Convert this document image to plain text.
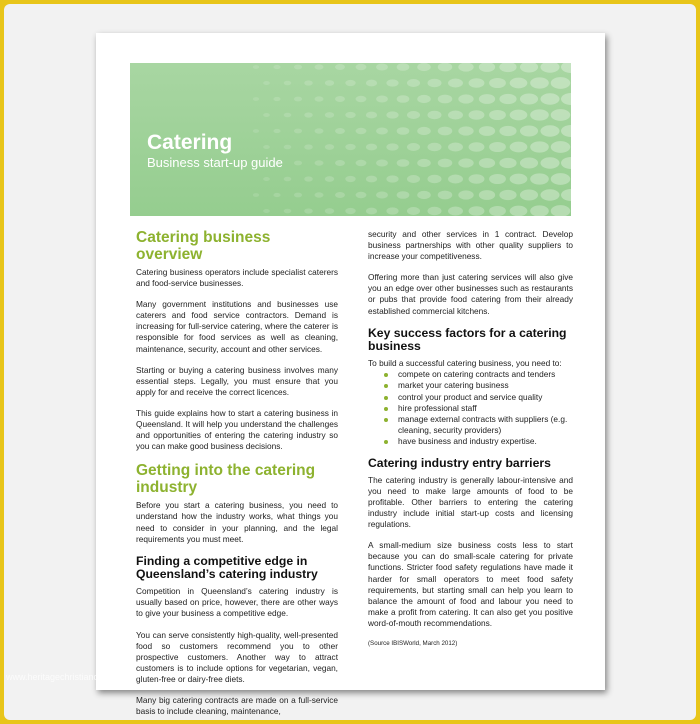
Catering
Business start-up guide
Catering business overview
Catering business operators include specialist caterers and food-service businesses.
Many government institutions and businesses use caterers and food service contractors. Demand is increasing for full-service catering, where the caterer is responsible for food services as well as cleaning, maintenance, security, account and other services.
Starting or buying a catering business involves many essential steps. Legally, you must ensure that you apply for and receive the correct licences.
This guide explains how to start a catering business in Queensland. It will help you understand the challenges and opportunities of entering the catering industry so you can make good business decisions.
Getting into the catering industry
Before you start a catering business, you need to understand how the industry works, what things you need to consider in your planning, and the legal requirements you must meet.
Finding a competitive edge in Queensland’s catering industry
Competition in Queensland’s catering industry is usually based on price, however, there are other ways to give your business a competitive edge.
You can serve consistently high-quality, well-presented food so customers recommend you to other prospective customers. Another way to attract customers is to include options for vegetarian, vegan, gluten-free or dairy-free diets.
Many big catering contracts are made on a full-service basis to include cleaning, maintenance,
security and other services in 1 contract. Develop business partnerships with other quality suppliers to increase your competitiveness.
Offering more than just catering services will also give you an edge over other businesses such as restaurants or pubs that provide food catering from their already established commercial kitchens.
Key success factors for a catering business
To build a successful catering business, you need to:
compete on catering contracts and tenders
market your catering business
control your product and service quality
hire professional staff
manage external contracts with suppliers (e.g. cleaning, security providers)
have business and industry expertise.
Catering industry entry barriers
The catering industry is generally labour-intensive and you need to make large amounts of food to be profitable. Other barriers to entering the catering industry include initial start-up costs and licensing regulations.
A small-medium size business costs less to start because you can do small-scale catering for private functions. Stricter food safety regulations have made it harder for small operators to meet food safety requirements, but starting small can help you learn to balance the amount of food and labour you need to make a profit from catering. It can also get you positive word-of-mouth recommendations.
(Source IBISWorld, March 2012)
www.heritagechristiancollege.com
